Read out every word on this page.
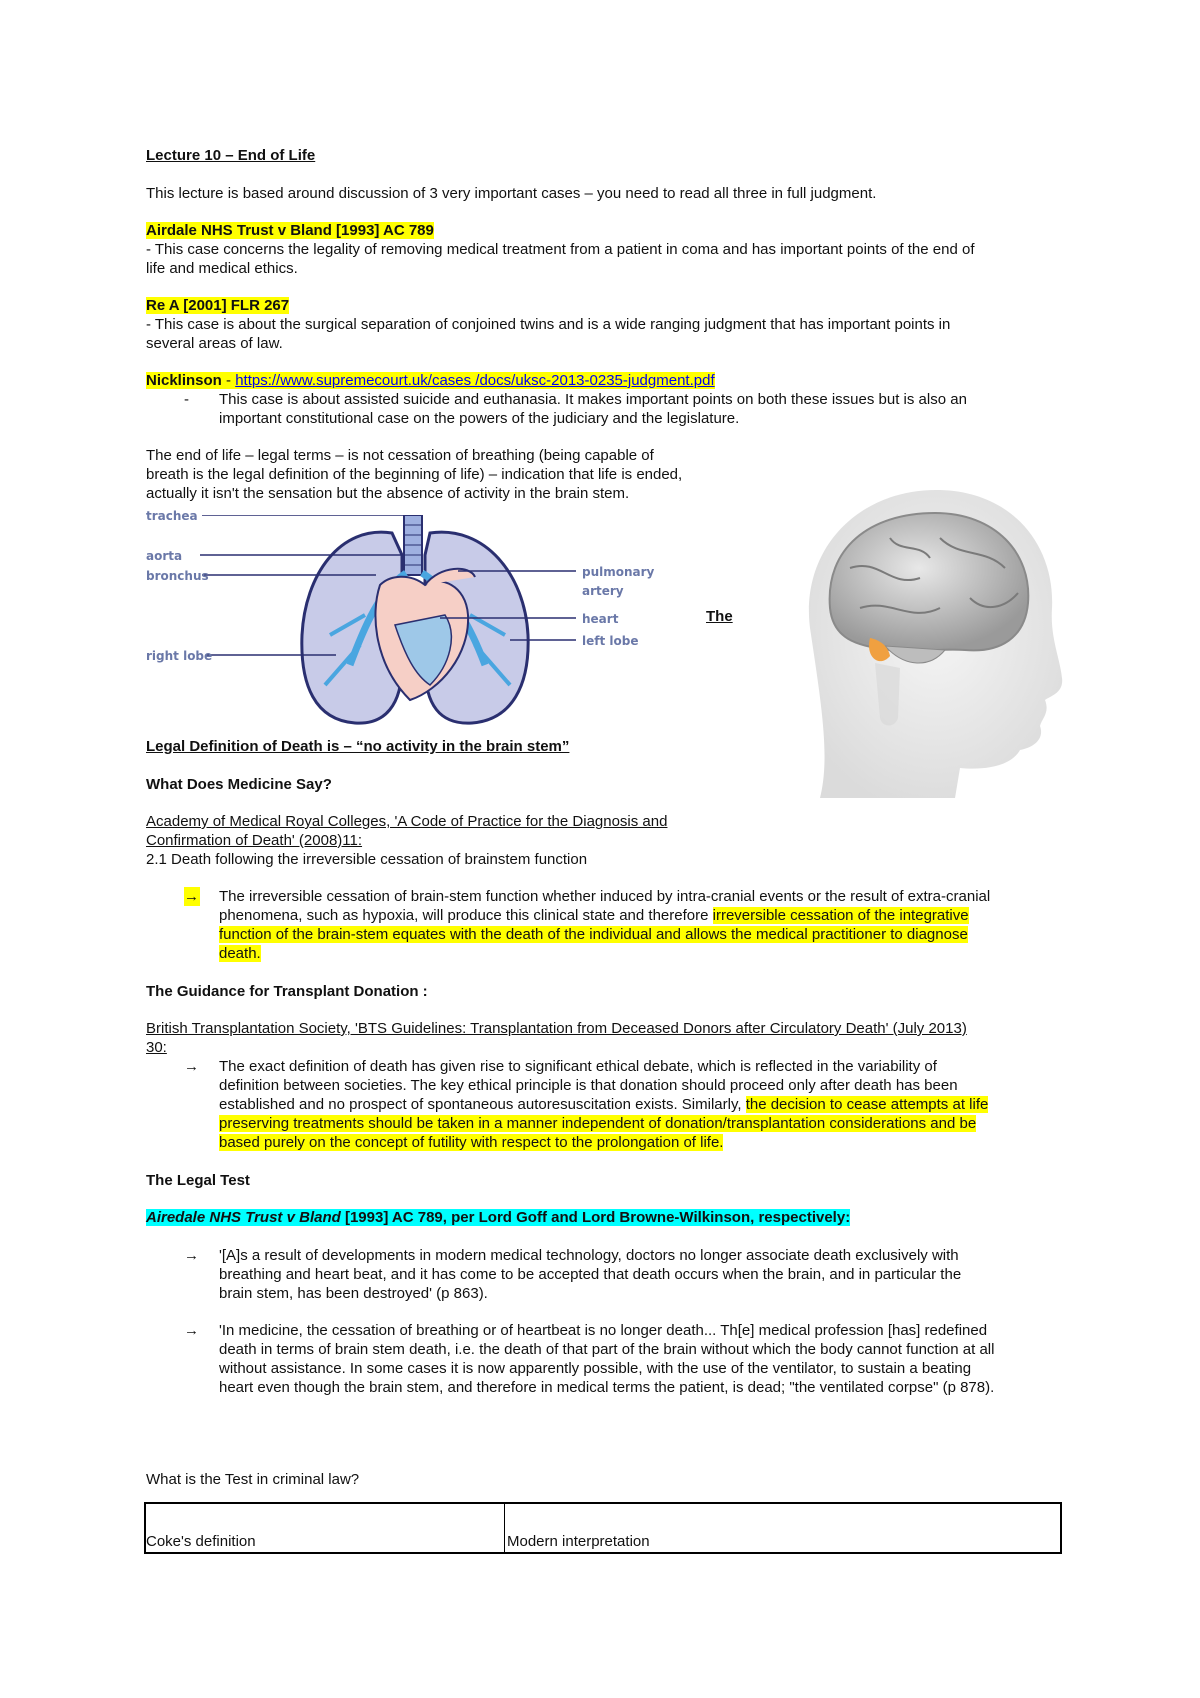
Lecture 10 – End of Life
This lecture is based around discussion of 3 very important cases – you need to read all three in full judgment.
Airdale NHS Trust v Bland [1993] AC 789
- This case concerns the legality of removing medical treatment from a patient in coma and has important points of the end of
life and medical ethics.
Re A [2001] FLR 267
- This case is about the surgical separation of conjoined twins and is a wide ranging judgment that has important points in
several areas of law.
Nicklinson - https://www.supremecourt.uk/cases /docs/uksc-2013-0235-judgment.pdf
-	This case is about assisted suicide and euthanasia. It makes important points on both these issues but is also an
important constitutional case on the powers of the judiciary and the legislature.
The end of life – legal terms – is not cessation of breathing (being capable of
breath is the legal definition of the beginning of life) – indication that life is ended,
actually it isn't the sensation but the absence of activity in the brain stem.
trachea
aorta
bronchus
right lobe
pulmonary artery
heart
left lobe
The
Legal Definition of Death is – “no activity in the brain stem”
What Does Medicine Say?
Academy of Medical Royal Colleges, 'A Code of Practice for the Diagnosis and
Confirmation of Death' (2008)11:
2.1 Death following the irreversible cessation of brainstem function
→ The irreversible cessation of brain-stem function whether induced by intra-cranial events or the result of extra-cranial
phenomena, such as hypoxia, will produce this clinical state and therefore irreversible cessation of the integrative
function of the brain-stem equates with the death of the individual and allows the medical practitioner to diagnose
death.
The Guidance for Transplant Donation :
British Transplantation Society, 'BTS Guidelines: Transplantation from Deceased Donors after Circulatory Death' (July 2013)
30:
→	The exact definition of death has given rise to significant ethical debate, which is reflected in the variability of
definition between societies. The key ethical principle is that donation should proceed only after death has been
established and no prospect of spontaneous autoresuscitation exists. Similarly, the decision to cease attempts at life
preserving treatments should be taken in a manner independent of donation/transplantation considerations and be
based purely on the concept of futility with respect to the prolongation of life.
The Legal Test
Airedale NHS Trust v Bland [1993] AC 789, per Lord Goff and Lord Browne-Wilkinson, respectively:
→	'[A]s a result of developments in modern medical technology, doctors no longer associate death exclusively with
breathing and heart beat, and it has come to be accepted that death occurs when the brain, and in particular the
brain stem, has been destroyed' (p 863).
→	'In medicine, the cessation of breathing or of heartbeat is no longer death... Th[e] medical profession [has] redefined
death in terms of brain stem death, i.e. the death of that part of the brain without which the body cannot function at all
without assistance. In some cases it is now apparently possible, with the use of the ventilator, to sustain a beating
heart even though the brain stem, and therefore in medical terms the patient, is dead; "the ventilated corpse" (p 878).
What is the Test in criminal law?
Coke's definition	Modern interpretation
